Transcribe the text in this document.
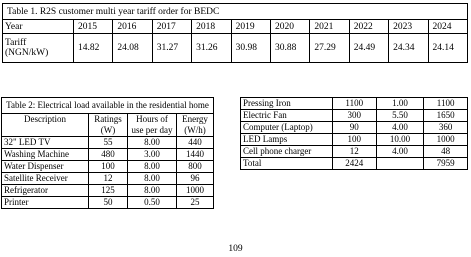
Table 1. R2S customer multi year tariff order for BEDC										
Year	2015	2016	2017	2018	2019	2020	2021	2022	2023	2024

Tariff
(NGN/kW)	14.82	24.08	31.27	31.26	30.98	30.88	27.29	24.49	24.34	24.14
Table 2: Electrical load available in the residential home			
Description	Ratings (W)	Hours of use per day	Energy (W/h)
32" LED TV	55	8.00	440
Washing Machine	480	3.00	1440
Water Dispenser	100	8.00	800
Satellite Receiver	12	8.00	96
Refrigerator	125	8.00	1000
Printer	50	0.50	25
Pressing Iron	1100	1.00	1100
Electric Fan	300	5.50	1650
Computer (Laptop)	90	4.00	360
LED Lamps	100	10.00	1000
Cell phone charger	12	4.00	48
Total	2424		7959
109
